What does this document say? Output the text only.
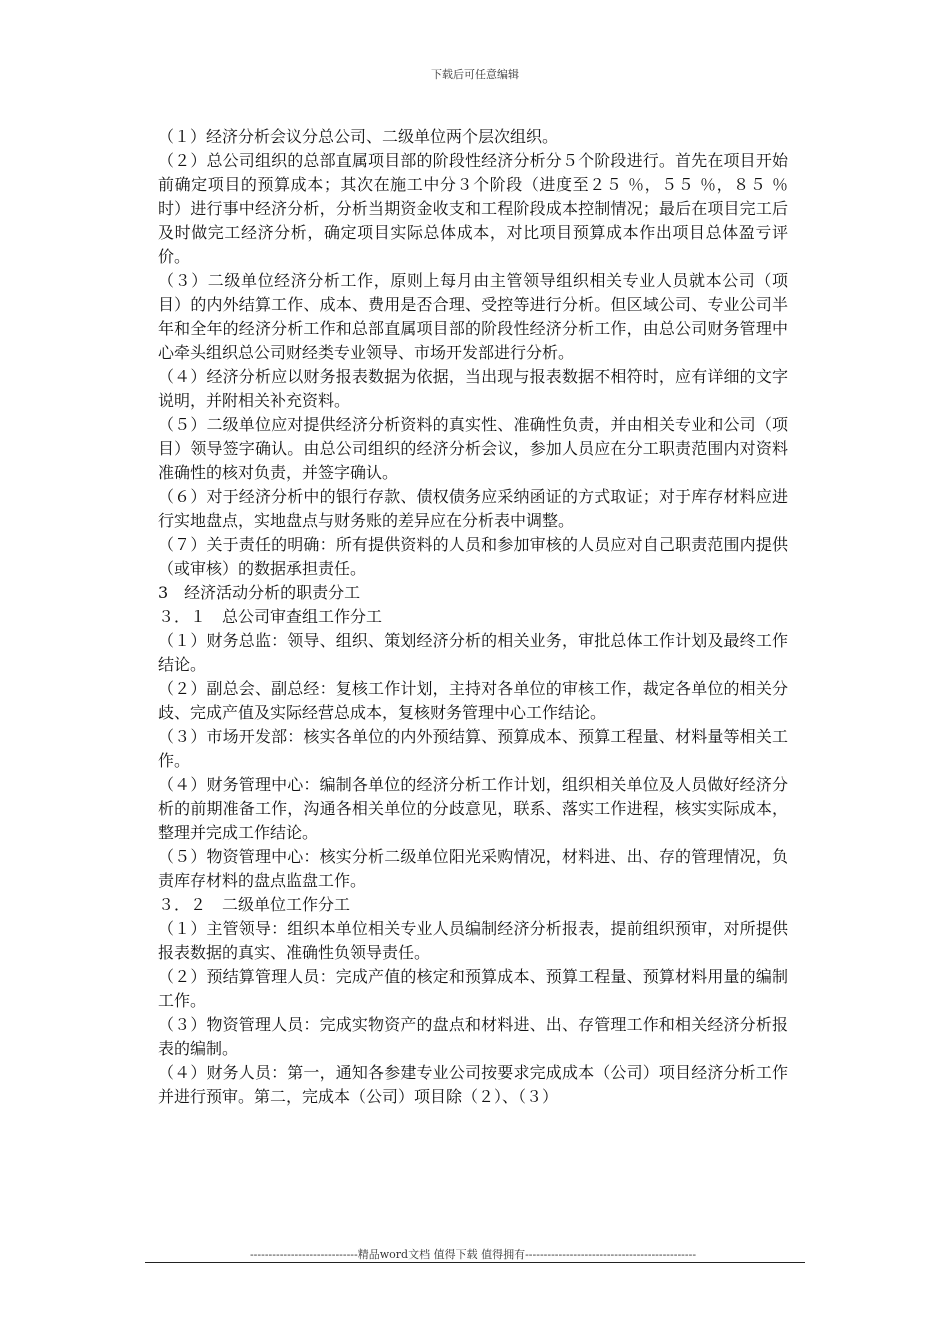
下载后可任意编辑

（１）经济分析会议分总公司、二级单位两个层次组织。

（２）总公司组织的总部直属项目部的阶段性经济分析分５个阶段进行。首先在项目开始前确定项目的预算成本；其次在施工中分３个阶段（进度至２５ ％，５５ ％，８５ ％时）进行事中经济分析，分析当期资金收支和工程阶段成本控制情况；最后在项目完工后及时做完工经济分析，确定项目实际总体成本，对比项目预算成本作出项目总体盈亏评价。

（３）二级单位经济分析工作，原则上每月由主管领导组织相关专业人员就本公司（项目）的内外结算工作、成本、费用是否合理、受控等进行分析。但区域公司、专业公司半年和全年的经济分析工作和总部直属项目部的阶段性经济分析工作，由总公司财务管理中心牵头组织总公司财经类专业领导、市场开发部进行分析。

（４）经济分析应以财务报表数据为依据，当出现与报表数据不相符时，应有详细的文字说明，并附相关补充资料。

（５）二级单位应对提供经济分析资料的真实性、准确性负责，并由相关专业和公司（项目）领导签字确认。由总公司组织的经济分析会议，参加人员应在分工职责范围内对资料准确性的核对负责，并签字确认。

（６）对于经济分析中的银行存款、债权债务应采纳函证的方式取证；对于库存材料应进行实地盘点，实地盘点与财务账的差异应在分析表中调整。

（７）关于责任的明确：所有提供资料的人员和参加审核的人员应对自己职责范围内提供（或审核）的数据承担责任。

3　经济活动分析的职责分工

３．１　总公司审查组工作分工

（１）财务总监：领导、组织、策划经济分析的相关业务，审批总体工作计划及最终工作结论。

（２）副总会、副总经：复核工作计划，主持对各单位的审核工作，裁定各单位的相关分歧、完成产值及实际经营总成本，复核财务管理中心工作结论。

（３）市场开发部：核实各单位的内外预结算、预算成本、预算工程量、材料量等相关工作。

（４）财务管理中心：编制各单位的经济分析工作计划，组织相关单位及人员做好经济分析的前期准备工作，沟通各相关单位的分歧意见，联系、落实工作进程，核实实际成本，整理并完成工作结论。

（５）物资管理中心：核实分析二级单位阳光采购情况，材料进、出、存的管理情况，负责库存材料的盘点监盘工作。

３．２　二级单位工作分工

（１）主管领导：组织本单位相关专业人员编制经济分析报表，提前组织预审，对所提供报表数据的真实、准确性负领导责任。

（２）预结算管理人员：完成产值的核定和预算成本、预算工程量、预算材料用量的编制工作。

（３）物资管理人员：完成实物资产的盘点和材料进、出、存管理工作和相关经济分析报表的编制。

（４）财务人员：第一，通知各参建专业公司按要求完成成本（公司）项目经济分析工作并进行预审。第二，完成本（公司）项目除（２）、（３）

-----------------------------精品word文档 值得下载 值得拥有----------------------------------------------
